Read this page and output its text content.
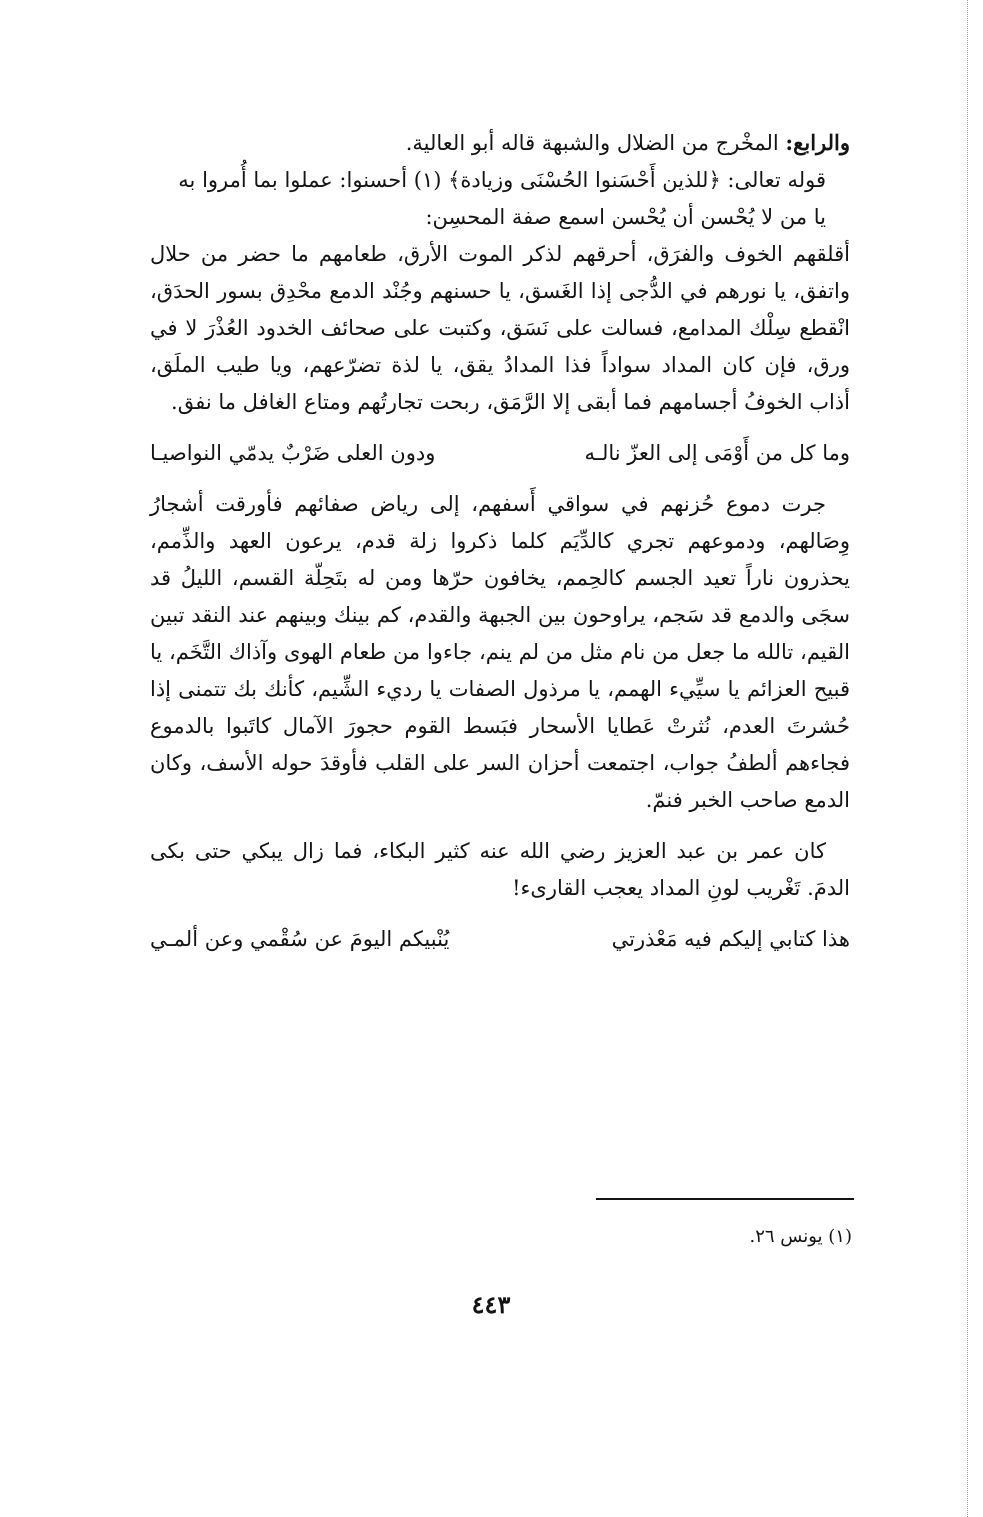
والرابع: المخْرج من الضلال والشبهة قاله أبو العالية.

قوله تعالى: ﴿للذين أَحْسَنوا الحُسْنَى وزيادة﴾ (١) أحسنوا: عملوا بما أُمروا به

يا من لا يُحْسن أن يُحْسن اسمع صفة المحسِن:

أقلقهم الخوف والفرَق، أحرقهم لذكر الموت الأرق، طعامهم ما حضر من حلال واتفق، يا نورهم في الدُّجى إذا الغَسق، يا حسنهم وجُنْد الدمع محْدِق بسور الحدَق، انْقطع سِلْك المدامع، فسالت على نَسَق، وكتبت على صحائف الخدود العُذْرَ لا في ورق، فإن كان المداد سواداً فذا المدادُ يقق، يا لذة تضرّعهم، ويا طيب الملَق، أذاب الخوفُ أجسامهم فما أبقى إلا الرَّمَق، ربحت تجارتُهم ومتاع الغافل ما نفق.

وما كل من أَوْمَى إلى العزّ نالـه
ودون العلى ضَرْبٌ يدمّي النواصيـا

جرت دموع حُزنهم في سواقي أَسفهم، إلى رياض صفائهم فأورقت أشجارُ وِصَالهم، ودموعهم تجري كالدِّيَم كلما ذكروا زلة قدم، يرعون العهد والذِّمم، يحذرون ناراً تعيد الجسم كالحِمم، يخافون حرّها ومن له بتَحِلّة القسم، الليلُ قد سجَى والدمع قد سَجم، يراوحون بين الجبهة والقدم، كم بينك وبينهم عند النقد تبين القيم، تالله ما جعل من نام مثل من لم ينم، جاءوا من طعام الهوى وآذاك التَّخَم، يا قبيح العزائم يا سيِّيء الهمم، يا مرذول الصفات يا رديء الشِّيم، كأنك بك تتمنى إذا حُشرتَ العدم، نُثرتْ عَطايا الأسحار فبَسط القوم حجورَ الآمال كاتَبوا بالدموع فجاءهم ألطفُ جواب، اجتمعت أحزان السر على القلب فأوقدَ حوله الأسف، وكان الدمع صاحب الخبر فنمّ.

كان عمر بن عبد العزيز رضي الله عنه كثير البكاء، فما زال يبكي حتى بكى الدمَ. تَغْريب لونِ المداد يعجب القارىء!

هذا كتابي إليكم فيه مَعْذرتي
يُنْبيكم اليومَ عن سُقْمي وعن ألمـي
(١) يونس ٢٦.
٤٤٣
